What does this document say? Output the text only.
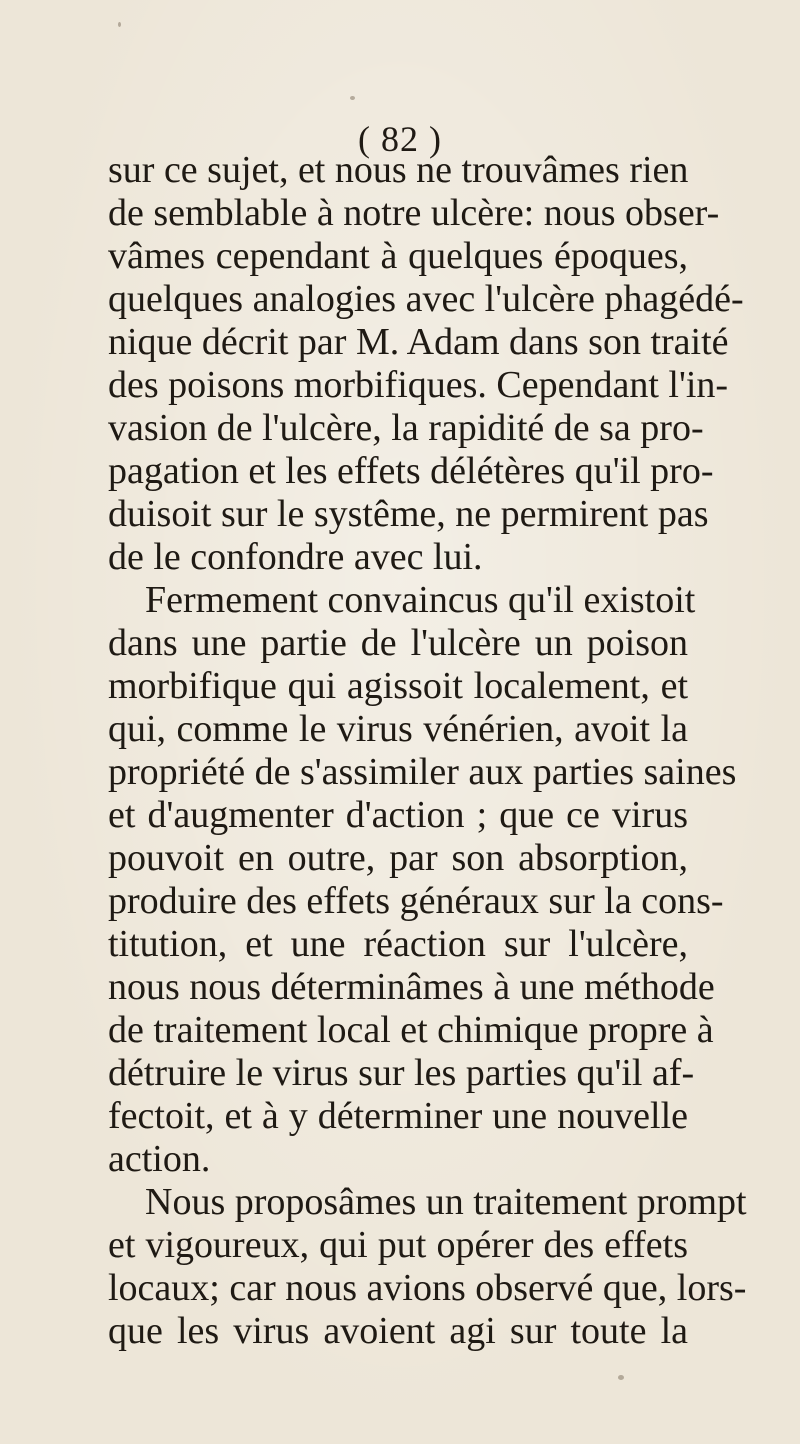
( 82 )
sur ce sujet, et nous ne trouvâmes rien
de semblable à notre ulcère: nous obser-
vâmes cependant à quelques époques,
quelques analogies avec l'ulcère phagédé-
nique décrit par M. Adam dans son traité
des poisons morbifiques. Cependant l'in-
vasion de l'ulcère, la rapidité de sa pro-
pagation et les effets délétères qu'il pro-
duisoit sur le systême, ne permirent pas
de le confondre avec lui.
Fermement convaincus qu'il existoit
dans une partie de l'ulcère un poison
morbifique qui agissoit localement, et
qui, comme le virus vénérien, avoit la
propriété de s'assimiler aux parties saines
et d'augmenter d'action ; que ce virus
pouvoit en outre, par son absorption,
produire des effets généraux sur la cons-
titution, et une réaction sur l'ulcère,
nous nous déterminâmes à une méthode
de traitement local et chimique propre à
détruire le virus sur les parties qu'il af-
fectoit, et à y déterminer une nouvelle
action.
Nous proposâmes un traitement prompt
et vigoureux, qui put opérer des effets
locaux; car nous avions observé que, lors-
que les virus avoient agi sur toute la
